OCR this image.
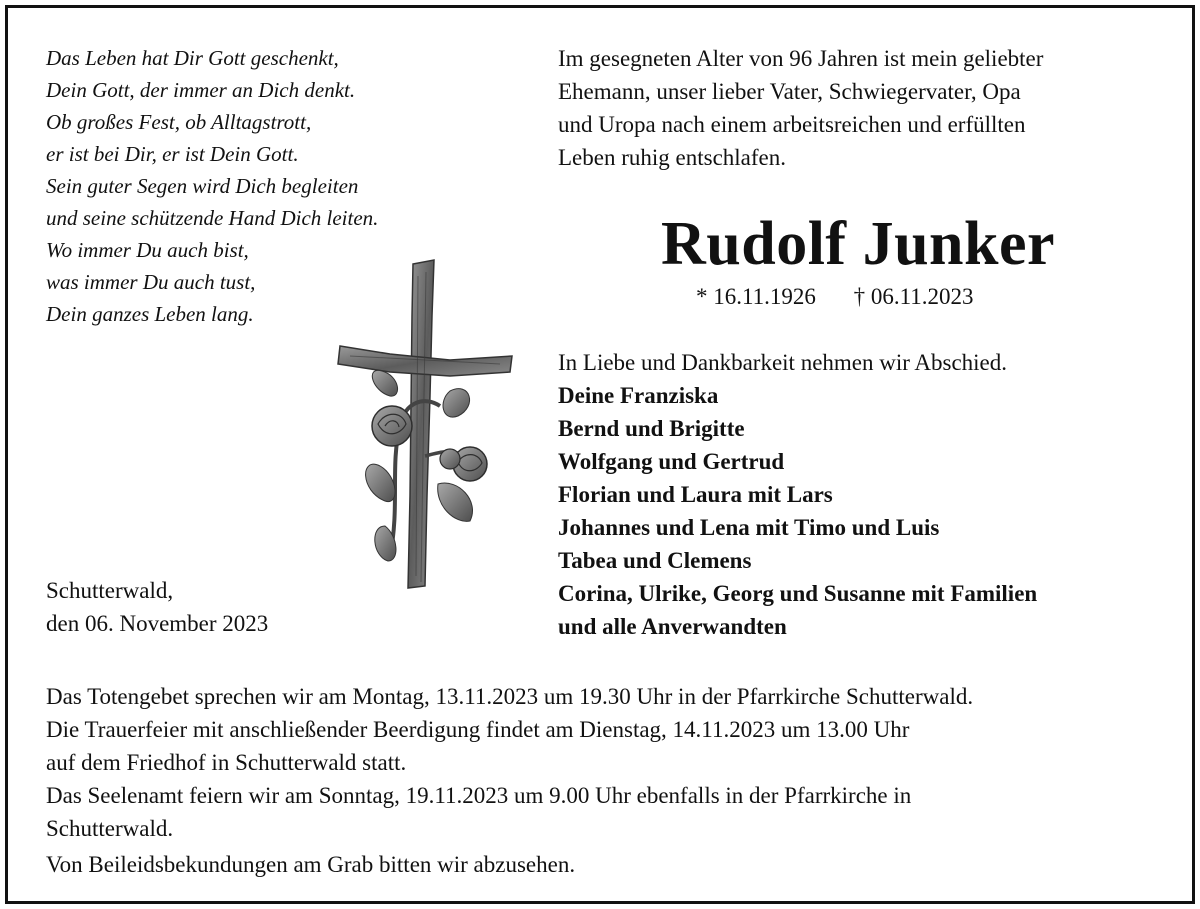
Das Leben hat Dir Gott geschenkt,
Dein Gott, der immer an Dich denkt.
Ob großes Fest, ob Alltagstrott,
er ist bei Dir, er ist Dein Gott.
Sein guter Segen wird Dich begleiten
und seine schützende Hand Dich leiten.
Wo immer Du auch bist,
was immer Du auch tust,
Dein ganzes Leben lang.
Im gesegneten Alter von 96 Jahren ist mein geliebter
Ehemann, unser lieber Vater, Schwiegervater, Opa
und Uropa nach einem arbeitsreichen und erfüllten
Leben ruhig entschlafen.
Rudolf Junker
* 16.11.1926 † 06.11.2023
In Liebe und Dankbarkeit nehmen wir Abschied.
Deine Franziska
Bernd und Brigitte
Wolfgang und Gertrud
Florian und Laura mit Lars
Johannes und Lena mit Timo und Luis
Tabea und Clemens
Corina, Ulrike, Georg und Susanne mit Familien
und alle Anverwandten
Schutterwald,
den 06. November 2023
Das Totengebet sprechen wir am Montag, 13.11.2023 um 19.30 Uhr in der Pfarrkirche Schutterwald.
Die Trauerfeier mit anschließender Beerdigung findet am Dienstag, 14.11.2023 um 13.00 Uhr
auf dem Friedhof in Schutterwald statt.
Das Seelenamt feiern wir am Sonntag, 19.11.2023 um 9.00 Uhr ebenfalls in der Pfarrkirche in
Schutterwald.
Von Beileidsbekundungen am Grab bitten wir abzusehen.
